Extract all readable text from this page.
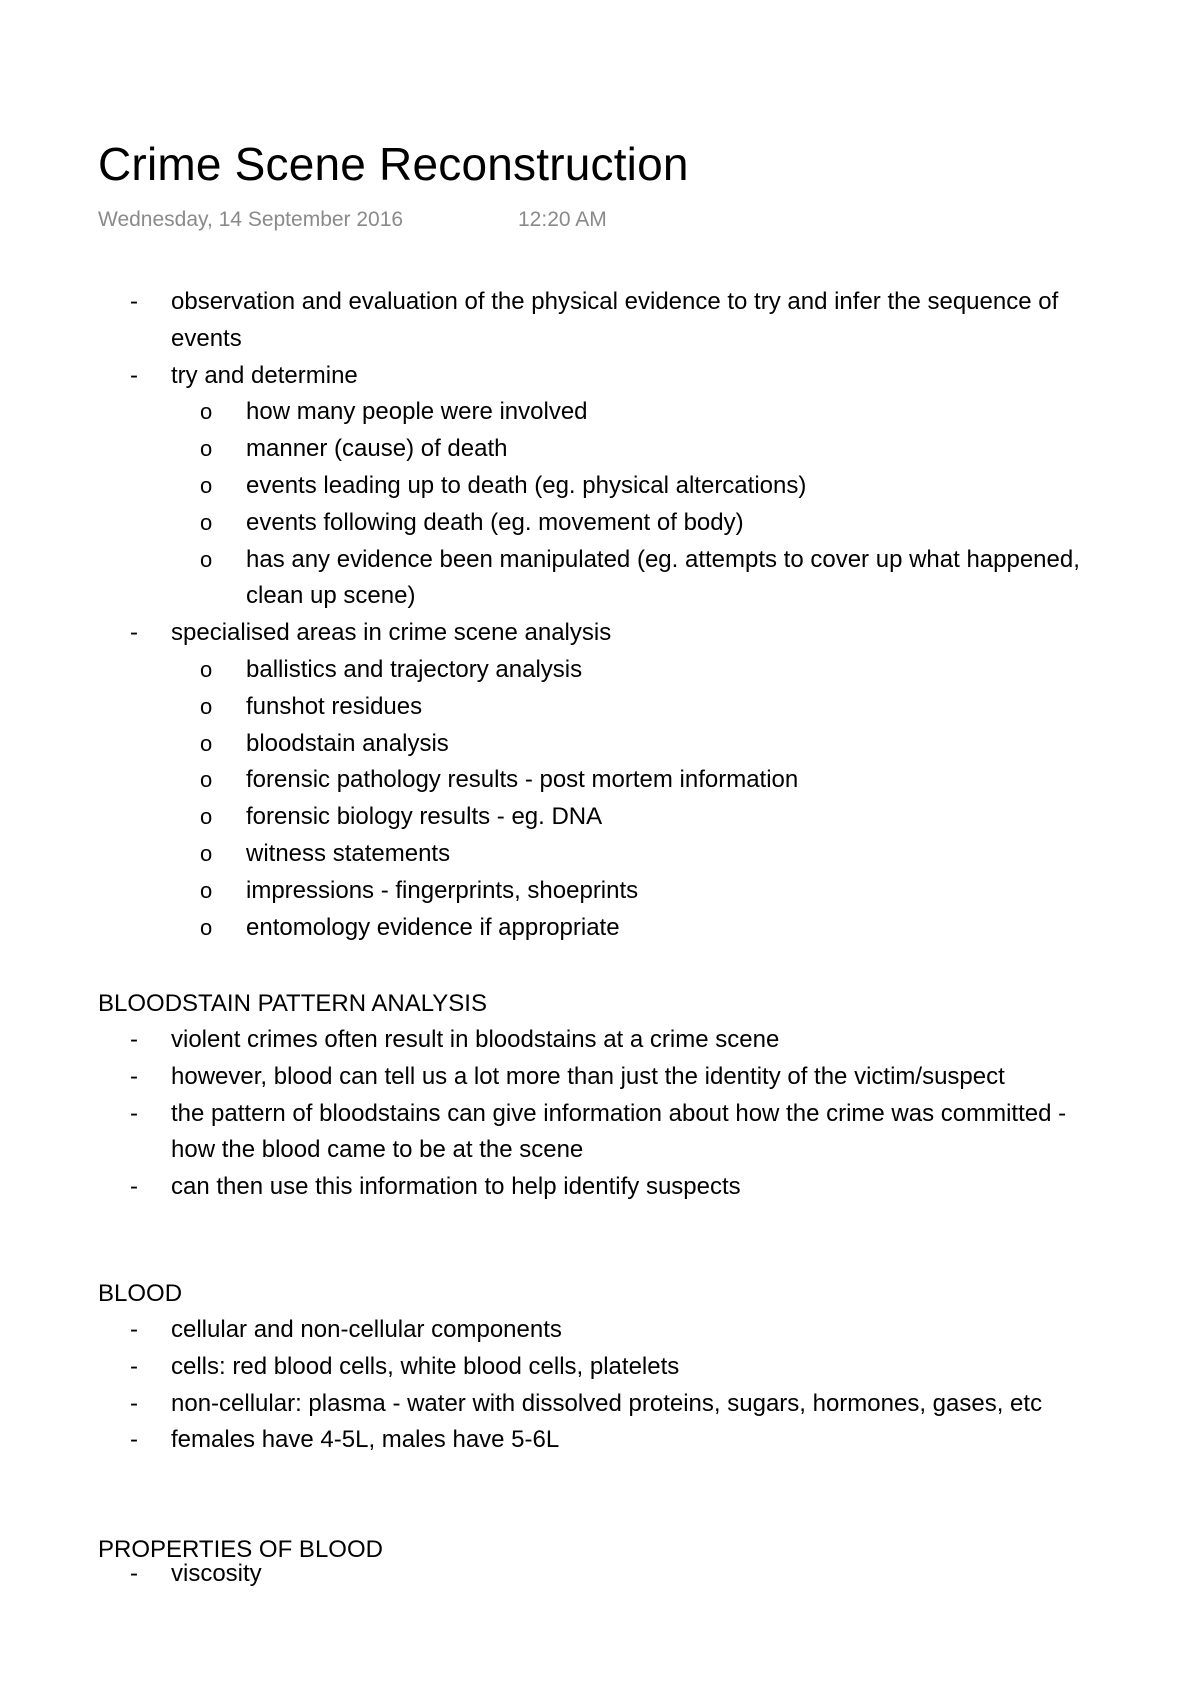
Crime Scene Reconstruction
Wednesday, 14 September 2016	12:20 AM
- observation and evaluation of the physical evidence to try and infer the sequence of events
- try and determine
o how many people were involved
o manner (cause) of death
o events leading up to death (eg. physical altercations)
o events following death (eg. movement of body)
o has any evidence been manipulated (eg. attempts to cover up what happened, clean up scene)
- specialised areas in crime scene analysis
o ballistics and trajectory analysis
o funshot residues
o bloodstain analysis
o forensic pathology results - post mortem information
o forensic biology results - eg. DNA
o witness statements
o impressions - fingerprints, shoeprints
o entomology evidence if appropriate
BLOODSTAIN PATTERN ANALYSIS
- violent crimes often result in bloodstains at a crime scene
- however, blood can tell us a lot more than just the identity of the victim/suspect
- the pattern of bloodstains can give information about how the crime was committed - how the blood came to be at the scene
- can then use this information to help identify suspects
BLOOD
- cellular and non-cellular components
- cells: red blood cells, white blood cells, platelets
- non-cellular: plasma - water with dissolved proteins, sugars, hormones, gases, etc
- females have 4-5L, males have 5-6L
PROPERTIES OF BLOOD
- viscosity
